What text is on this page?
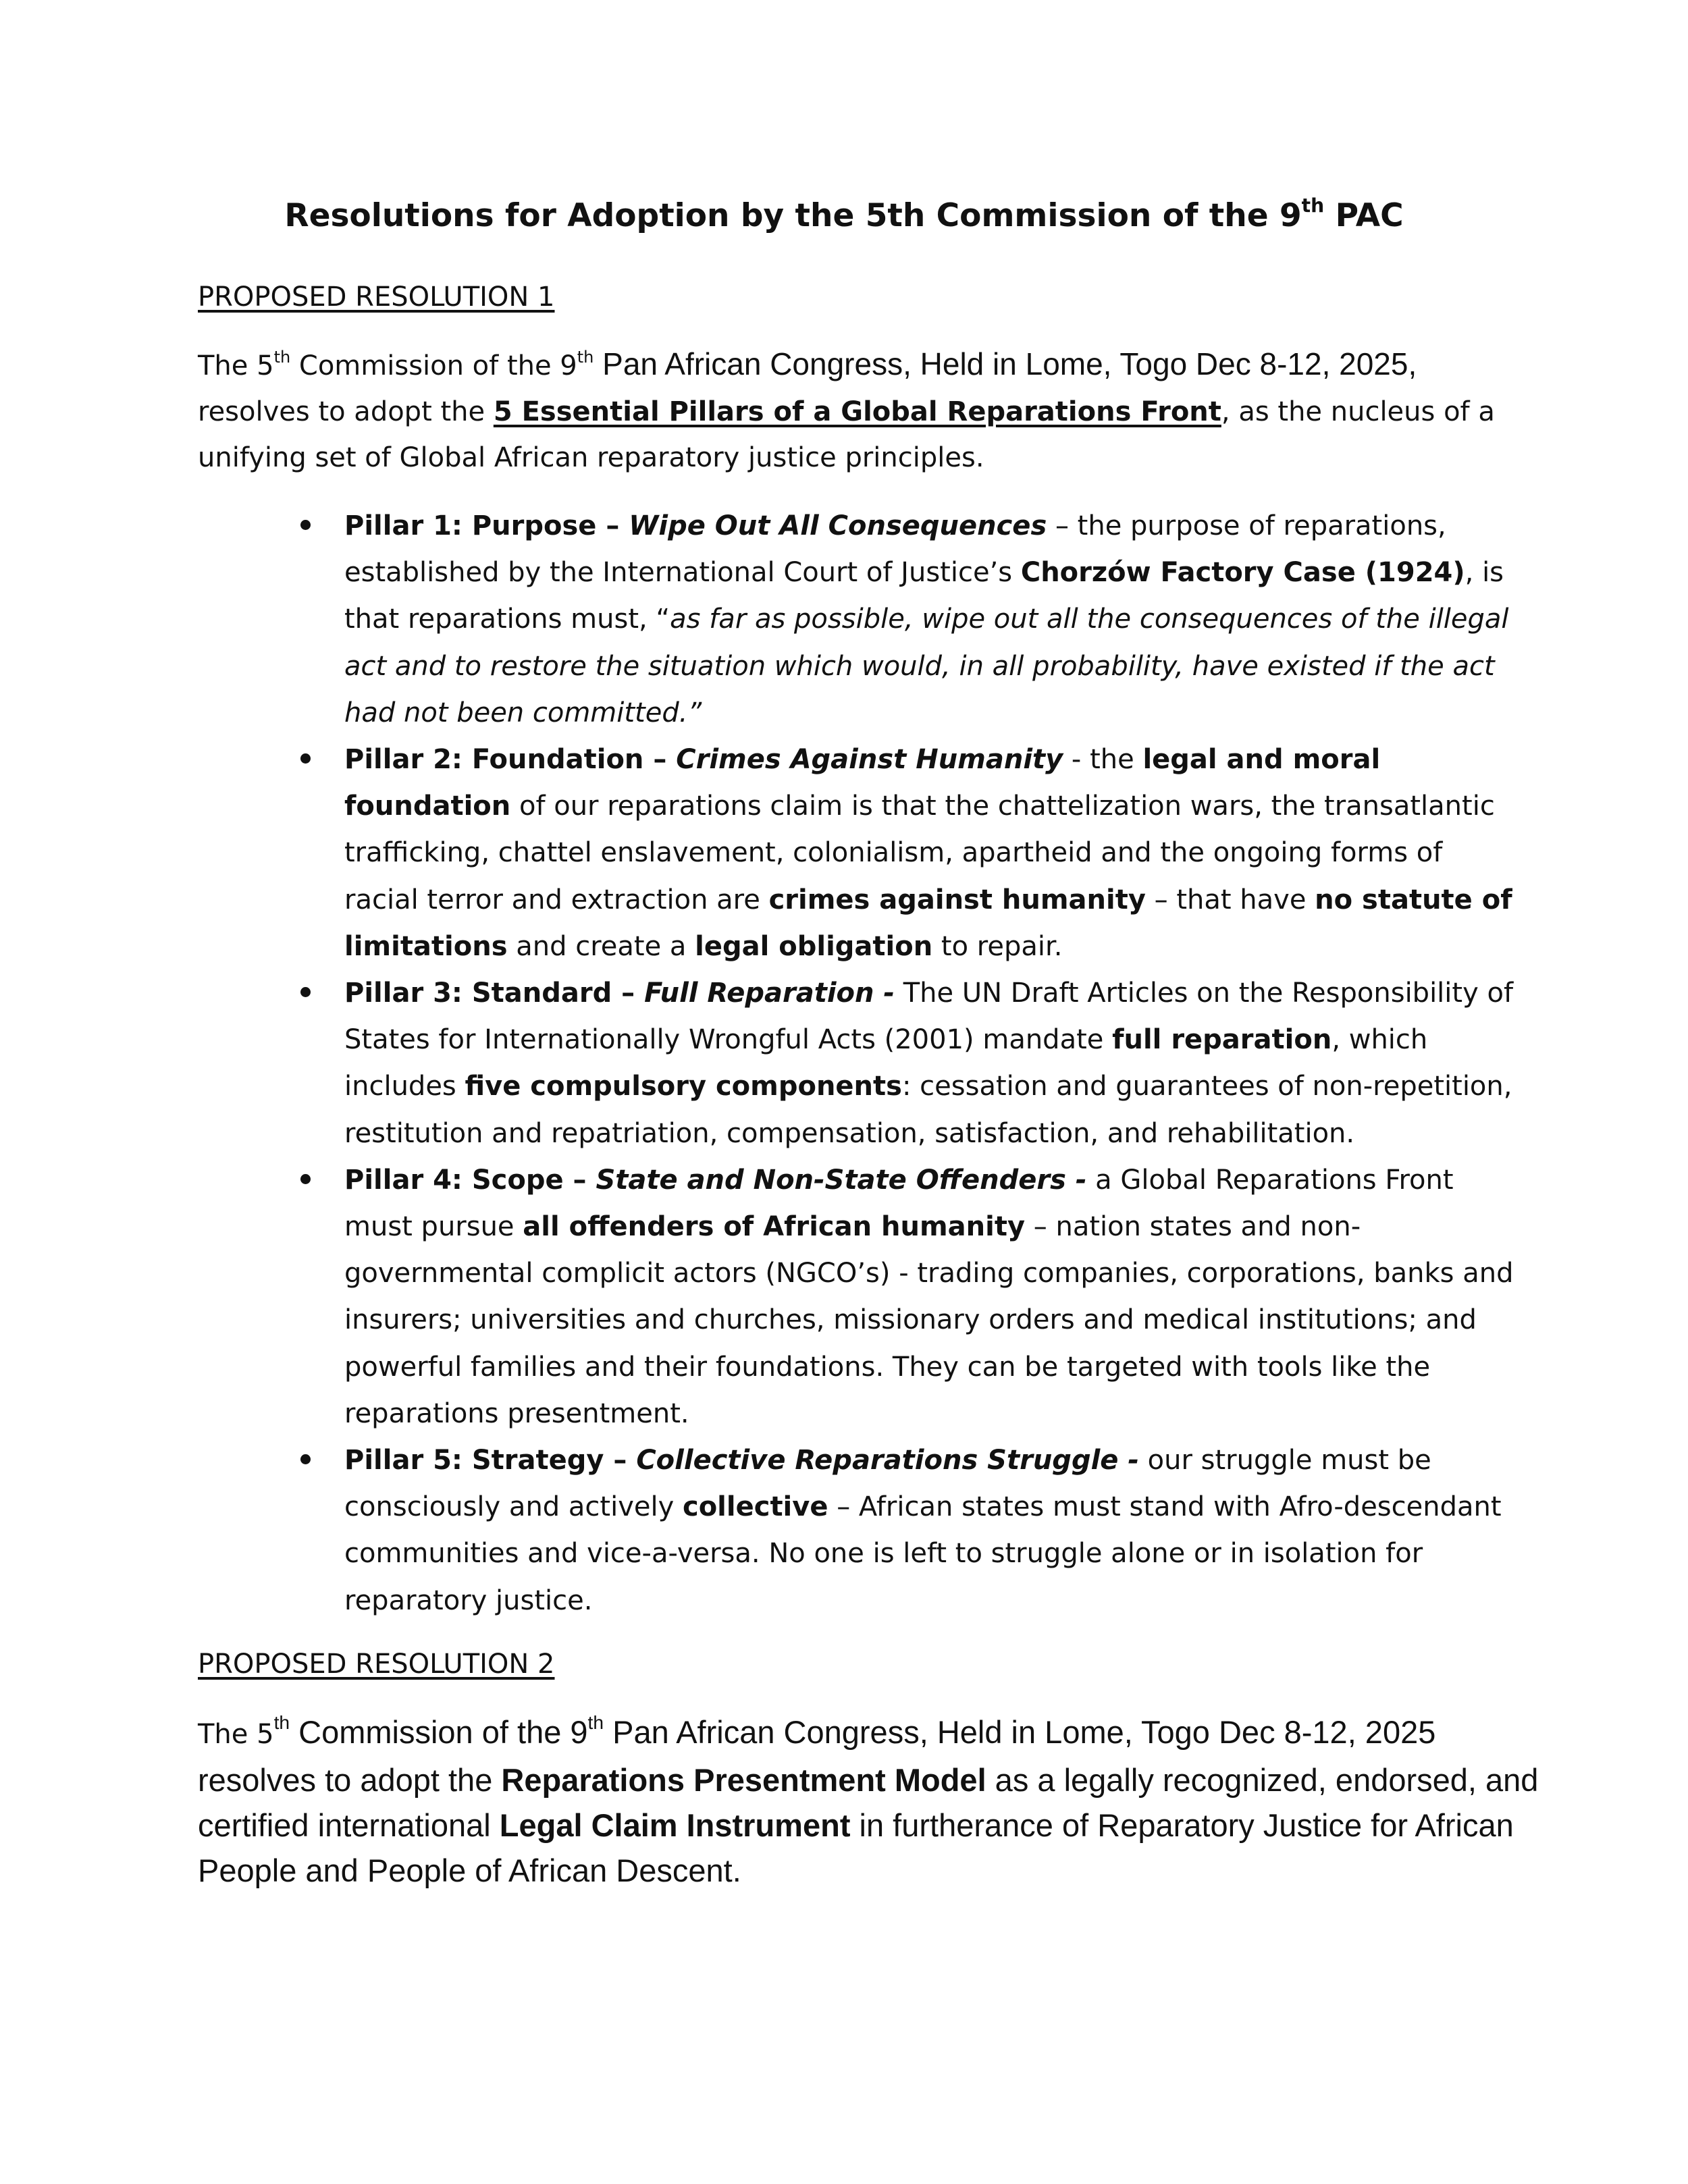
Resolutions for Adoption by the 5th Commission of the 9th PAC
PROPOSED RESOLUTION 1
The 5th Commission of the 9th Pan African Congress, Held in Lome, Togo Dec 8-12, 2025,
resolves to adopt the 5 Essential Pillars of a Global Reparations Front, as the nucleus of a unifying set of Global African reparatory justice principles.
Pillar 1: Purpose – Wipe Out All Consequences – the purpose of reparations, established by the International Court of Justice’s Chorzów Factory Case (1924), is that reparations must, “as far as possible, wipe out all the consequences of the illegal act and to restore the situation which would, in all probability, have existed if the act had not been committed.”
Pillar 2: Foundation – Crimes Against Humanity - the legal and moral foundation of our reparations claim is that the chattelization wars, the transatlantic trafficking, chattel enslavement, colonialism, apartheid and the ongoing forms of racial terror and extraction are crimes against humanity – that have no statute of limitations and create a legal obligation to repair.
Pillar 3: Standard – Full Reparation - The UN Draft Articles on the Responsibility of States for Internationally Wrongful Acts (2001) mandate full reparation, which includes five compulsory components: cessation and guarantees of non-repetition, restitution and repatriation, compensation, satisfaction, and rehabilitation.
Pillar 4: Scope – State and Non-State Offenders - a Global Reparations Front must pursue all offenders of African humanity – nation states and non-governmental complicit actors (NGCO’s) - trading companies, corporations, banks and insurers; universities and churches, missionary orders and medical institutions; and powerful families and their foundations. They can be targeted with tools like the reparations presentment.
Pillar 5: Strategy – Collective Reparations Struggle - our struggle must be consciously and actively collective – African states must stand with Afro-descendant communities and vice-a-versa. No one is left to struggle alone or in isolation for reparatory justice.
PROPOSED RESOLUTION 2
The 5th Commission of the 9th Pan African Congress, Held in Lome, Togo Dec 8-12, 2025 resolves to adopt the Reparations Presentment Model as a legally recognized, endorsed, and certified international Legal Claim Instrument in furtherance of Reparatory Justice for African People and People of African Descent.
